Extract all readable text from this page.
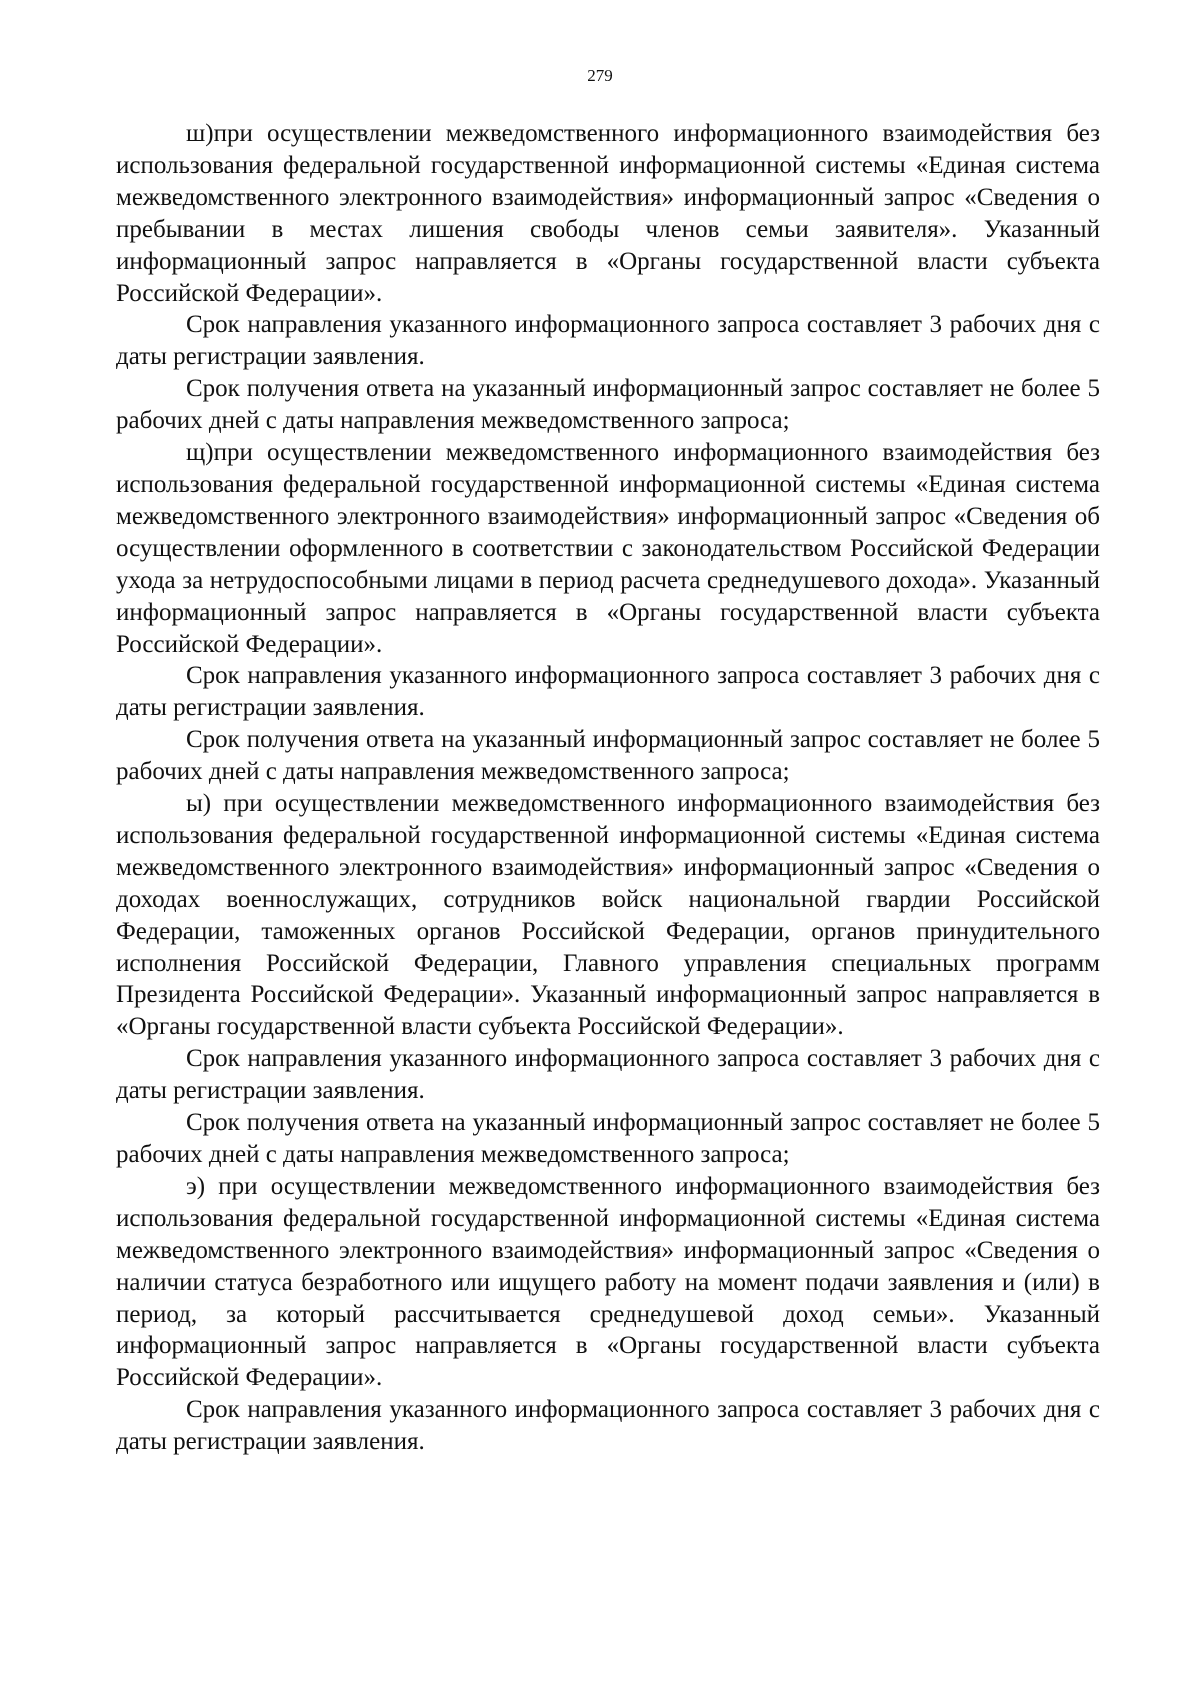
279

ш)при осуществлении межведомственного информационного взаимодействия без использования федеральной государственной информационной системы «Единая система межведомственного электронного взаимодействия» информационный запрос «Сведения о пребывании в местах лишения свободы членов семьи заявителя». Указанный информационный запрос направляется в «Органы государственной власти субъекта Российской Федерации».

Срок направления указанного информационного запроса составляет 3 рабочих дня с даты регистрации заявления.

Срок получения ответа на указанный информационный запрос составляет не более 5 рабочих дней с даты направления межведомственного запроса;

щ)при осуществлении межведомственного информационного взаимодействия без использования федеральной государственной информационной системы «Единая система межведомственного электронного взаимодействия» информационный запрос «Сведения об осуществлении оформленного в соответствии с законодательством Российской Федерации ухода за нетрудоспособными лицами в период расчета среднедушевого дохода». Указанный информационный запрос направляется в «Органы государственной власти субъекта Российской Федерации».

Срок направления указанного информационного запроса составляет 3 рабочих дня с даты регистрации заявления.

Срок получения ответа на указанный информационный запрос составляет не более 5 рабочих дней с даты направления межведомственного запроса;

ы) при осуществлении межведомственного информационного взаимодействия без использования федеральной государственной информационной системы «Единая система межведомственного электронного взаимодействия» информационный запрос «Сведения о доходах военнослужащих, сотрудников войск национальной гвардии Российской Федерации, таможенных органов Российской Федерации, органов принудительного исполнения Российской Федерации, Главного управления специальных программ Президента Российской Федерации». Указанный информационный запрос направляется в «Органы государственной власти субъекта Российской Федерации».

Срок направления указанного информационного запроса составляет 3 рабочих дня с даты регистрации заявления.

Срок получения ответа на указанный информационный запрос составляет не более 5 рабочих дней с даты направления межведомственного запроса;

э) при осуществлении межведомственного информационного взаимодействия без использования федеральной государственной информационной системы «Единая система межведомственного электронного взаимодействия» информационный запрос «Сведения о наличии статуса безработного или ищущего работу на момент подачи заявления и (или) в период, за который рассчитывается среднедушевой доход семьи». Указанный информационный запрос направляется в «Органы государственной власти субъекта Российской Федерации».

Срок направления указанного информационного запроса составляет 3 рабочих дня с даты регистрации заявления.
